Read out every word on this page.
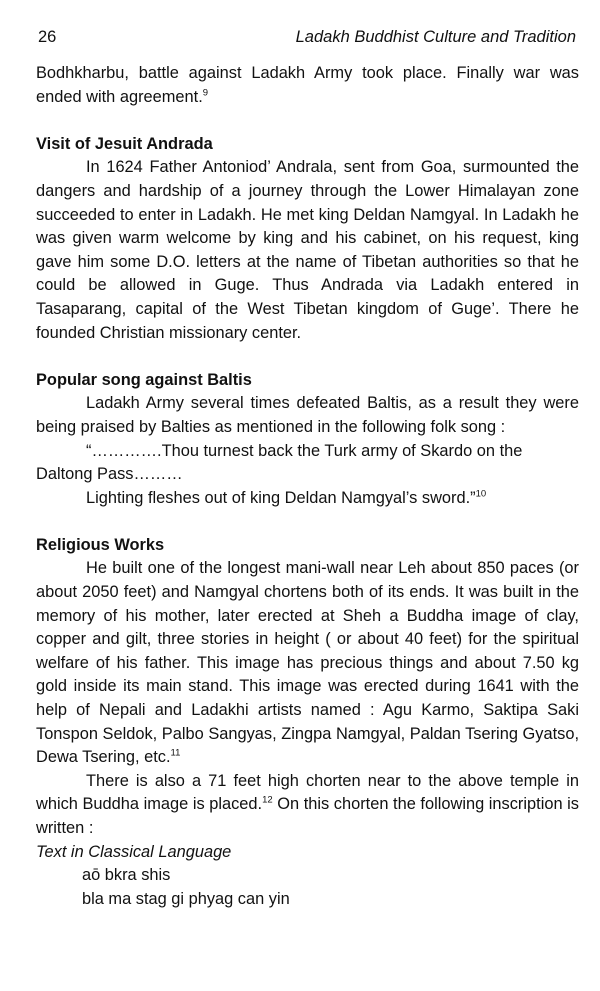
26	Ladakh Buddhist Culture and Tradition

Bodhkharbu, battle against Ladakh Army took place. Finally war was ended with agreement.$^9$

Visit of Jesuit Andrada

In 1624 Father Antoniod’ Andrala, sent from Goa, surmounted the dangers and hardship of a journey through the Lower Himalayan zone succeeded to enter in Ladakh. He met king Deldan Namgyal. In Ladakh he was given warm welcome by king and his cabinet, on his request, king gave him some D.O. letters at the name of Tibetan authorities so that he could be allowed in Guge. Thus Andrada via Ladakh entered in Tasaparang, capital of the West Tibetan kingdom of Guge’. There he founded Christian missionary center.

Popular song against Baltis

Ladakh Army several times defeated Baltis, as a result they were being praised by Balties as mentioned in the following folk song :

“………….Thou turnest back the Turk army of Skardo on the

Daltong Pass………

Lighting fleshes out of king Deldan Namgyal’s sword.”$^{10}$

Religious Works

He built one of the longest mani-wall near Leh about 850 paces (or about 2050 feet) and Namgyal chortens both of its ends. It was built in the memory of his mother, later erected at Sheh a Buddha image of clay, copper and gilt, three stories in height ( or about 40 feet) for the spiritual welfare of his father. This image has precious things and about 7.50 kg gold inside its main stand. This image was erected during 1641 with the help of Nepali and Ladakhi artists named : Agu Karmo, Saktipa Saki Tonspon Seldok, Palbo Sangyas, Zingpa Namgyal, Paldan Tsering Gyatso, Dewa Tsering, etc.$^{11}$

There is also a 71 feet high chorten near to the above temple in which Buddha image is placed.$^{12}$ On this chorten the following inscription is written :

Text in Classical Language

aō bkra shis

bla ma stag gi phyag can yin
